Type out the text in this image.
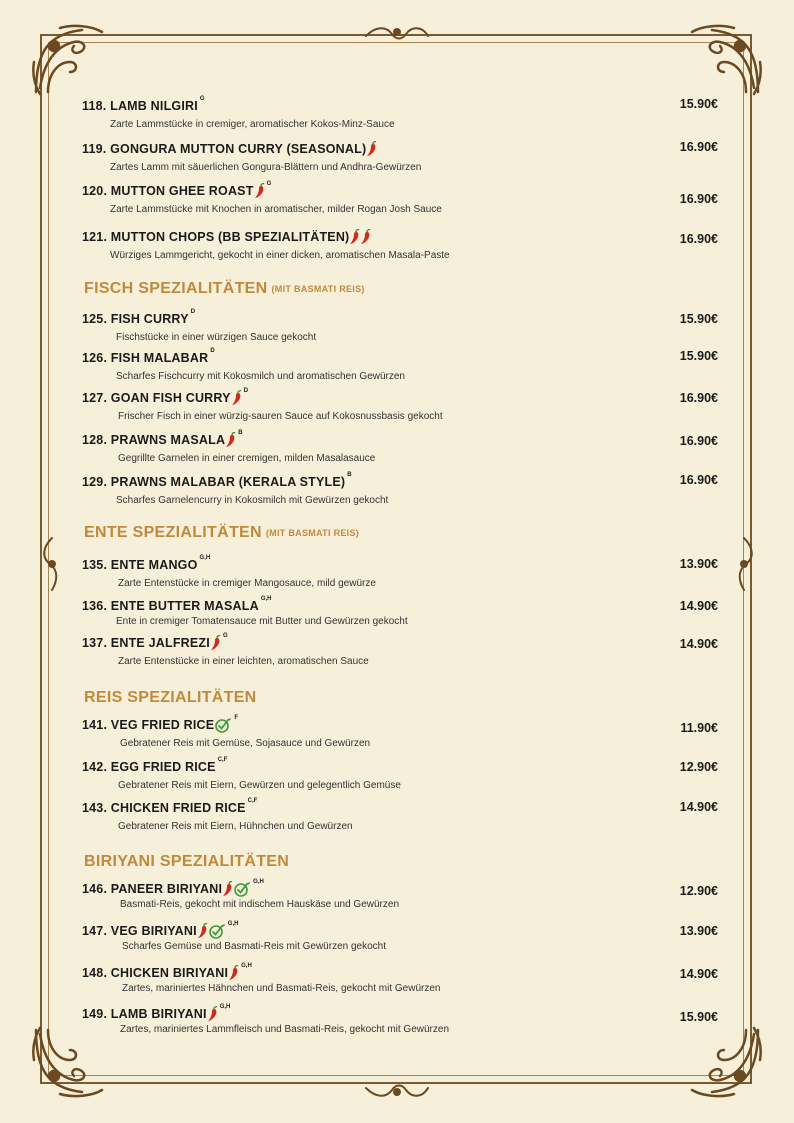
118. LAMB NILGIRI $^G$
Zarte Lammstücke in cremiger, aromatischer Kokos-Minz-Sauce
15.90€
119. GONGURA MUTTON CURRY (SEASONAL)
Zartes Lamm mit säuerlichen Gongura-Blättern und Andhra-Gewürzen
16.90€
120. MUTTON GHEE $ROAST^G$
Zarte Lammstücke mit Knochen in aromatischer, milder Rogan Josh Sauce
16.90€
121. MUTTON CHOPS (BB SPEZIALITÄTEN)
Würziges Lammgericht, gekocht in einer dicken, aromatischen Masala-Paste
16.90€
FISCH SPEZIALITÄTEN (MIT BASMATI REIS)
125. FISH CURRY $^D$
Fischstücke in einer würzigen Sauce gekocht
15.90€
126. FISH MALABAR $^D$
Scharfes Fischcurry mit Kokosmilch und aromatischen Gewürzen
15.90€
127. GOAN FISH $CURRY^D$
Frischer Fisch in einer würzig-sauren Sauce auf Kokosnussbasis gekocht
16.90€
128. PRAWNS $MASALA^B$
Gegrillte Garnelen in einer cremigen, milden Masalasauce
16.90€
129. PRAWNS MALABAR (KERALA STYLE) $^B$
Scharfes Garnelencurry in Kokosmilch mit Gewürzen gekocht
16.90€
ENTE SPEZIALITÄTEN (MIT BASMATI REIS)
135. ENTE MANGO $^{G,H}$
Zarte Entenstücke in cremiger Mangosauce, mild gewürze
13.90€
136. ENTE BUTTER MASALA $^{G,H}$
Ente in cremiger Tomatensauce mit Butter und Gewürzen gekocht
14.90€
137. ENTE $JALFREZI^G$
Zarte Entenstücke in einer leichten, aromatischen Sauce
14.90€
REIS SPEZIALITÄTEN
141. VEG FRIED $RICE^F$
Gebratener Reis mit Gemüse, Sojasauce und Gewürzen
11.90€
142. EGG FRIED RICE $^{C,F}$
Gebratener Reis mit Eiern, Gewürzen und gelegentlich Gemüse
12.90€
143. CHICKEN FRIED RICE $^{C,F}$
Gebratener Reis mit Eiern, Hühnchen und Gewürzen
14.90€
BIRIYANI SPEZIALITÄTEN
146. PANEER $BIRIYANI^{G,H}$
Basmati-Reis, gekocht mit indischem Hauskäse und Gewürzen
12.90€
147. VEG $BIRIYANI^{G,H}$
Scharfes Gemüse und Basmati-Reis mit Gewürzen gekocht
13.90€
148. CHICKEN $BIRIYANI^{G,H}$
Zartes, mariniertes Hähnchen und Basmati-Reis, gekocht mit Gewürzen
14.90€
149. LAMB $BIRIYANI^{G,H}$
Zartes, mariniertes Lammfleisch und Basmati-Reis, gekocht mit Gewürzen
15.90€
